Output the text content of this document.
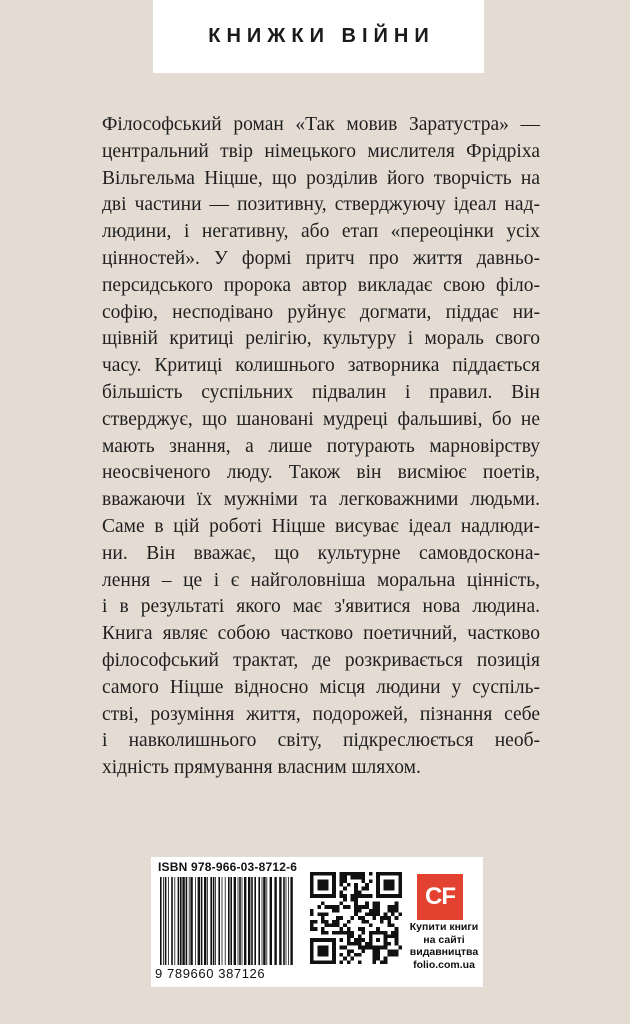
КНИЖКИ ВІЙНИ
Філософський роман «Так мовив Заратустра» —
центральний твір німецького мислителя Фрідріха
Вільгельма Ніцше, що розділив його творчість на
дві частини — позитивну, стверджуючу ідеал над-
людини, і негативну, або етап «переоцінки усіх
цінностей». У формі притч про життя давньо-
персидського пророка автор викладає свою філо-
софію, несподівано руйнує догмати, піддає ни-
щівній критиці релігію, культуру і мораль свого
часу. Критиці колишнього затворника піддається
більшість суспільних підвалин і правил. Він
стверджує, що шановані мудреці фальшиві, бо не
мають знання, а лише потурають марновірству
неосвіченого люду. Також він висміює поетів,
вважаючи їх мужніми та легковажними людьми.
Саме в цій роботі Ніцше висуває ідеал надлюди-
ни. Він вважає, що культурне самовдоскона-
лення – це і є найголовніша моральна цінність,
і в результаті якого має з'явитися нова людина.
Книга являє собою частково поетичний, частково
філософський трактат, де розкривається позиція
самого Ніцше відносно місця людини у суспіль-
стві, розуміння життя, подорожей, пізнання себе
і навколишнього світу, підкреслюється необ-
хідність прямування власним шляхом.
ISBN 978-966-03-8712-6
9 789660 387126
CF
Купити книги
на сайті
видавництва
folio.com.ua
